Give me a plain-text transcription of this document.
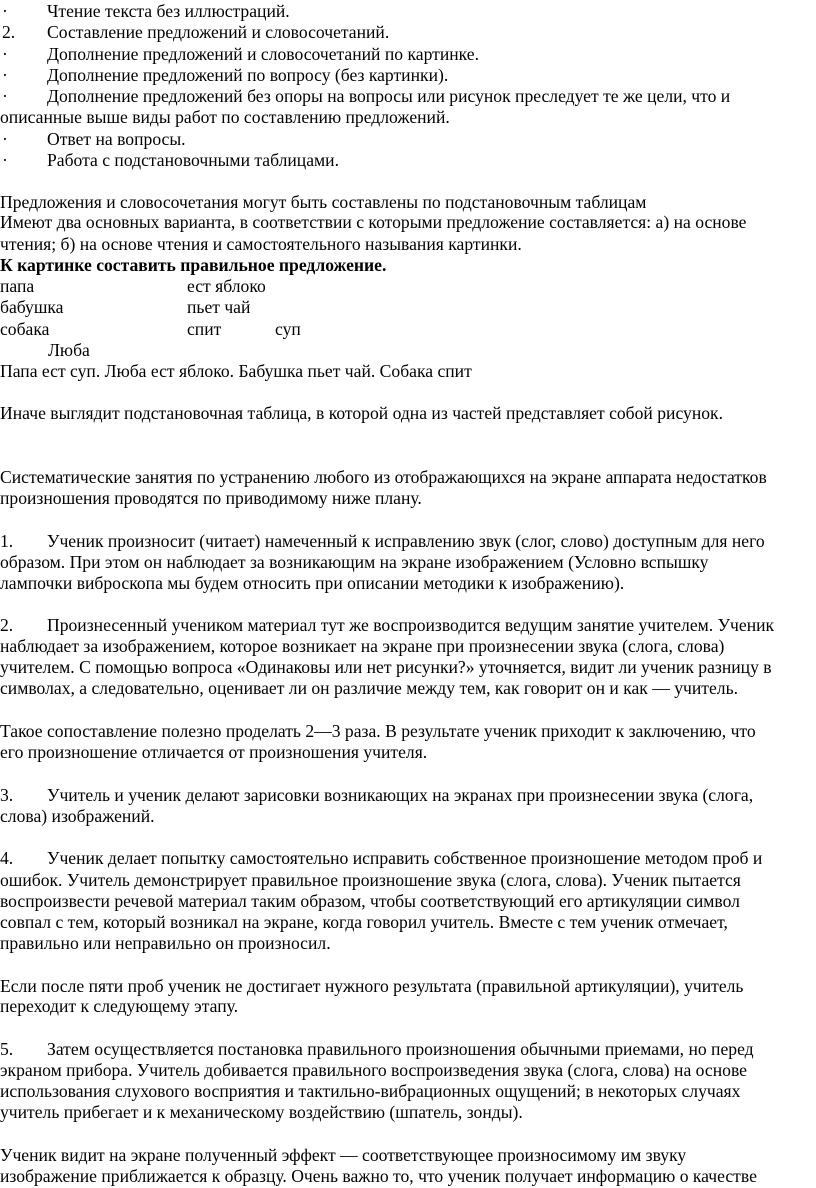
· Чтение текста без иллюстраций.
2. Составление предложений и словосочетаний.
· Дополнение предложений и словосочетаний по картинке.
· Дополнение предложений по вопросу (без картинки).
· Дополнение предложений без опоры на вопросы или рисунок преследует те же цели, что и
описанные выше виды работ по составлению предложений.
· Ответ на вопросы.
· Работа с подстановочными таблицами.
Предложения и словосочетания могут быть составлены по подстановочным таблицам
Имеют два основных варианта, в соответствии с которыми предложение составляется: а) на основе
чтения; б) на основе чтения и самостоятельного называния картинки.
К картинке составить правильное предложение.
папа	ест яблоко
бабушка	пьет чай
собака	спит	суп
Люба
Папа ест суп. Люба ест яблоко. Бабушка пьет чай. Собака спит
Иначе выглядит подстановочная таблица, в которой одна из частей представляет собой рисунок.
Систематические занятия по устранению любого из отображающихся на экране аппарата недостатков
произношения проводятся по приводимому ниже плану.
1. Ученик произносит (читает) намеченный к исправлению звук (слог, слово) доступным для него
образом. При этом он наблюдает за возникающим на экране изображением (Условно вспышку
лампочки виброскопа мы будем относить при описании методики к изображению).
2. Произнесенный учеником материал тут же воспроизводится ведущим занятие учителем. Ученик
наблюдает за изображением, которое возникает на экране при произнесении звука (слога, слова)
учителем. С помощью вопроса «Одинаковы или нет рисунки?» уточняется, видит ли ученик разницу в
символах, а следовательно, оценивает ли он различие между тем, как говорит он и как — учитель.
Такое сопоставление полезно проделать 2—3 раза. В результате ученик приходит к заключению, что
его произношение отличается от произношения учителя.
3. Учитель и ученик делают зарисовки возникающих на экранах при произнесении звука (слога,
слова) изображений.
4. Ученик делает попытку самостоятельно исправить собственное произношение методом проб и
ошибок. Учитель демонстрирует правильное произношение звука (слога, слова). Ученик пытается
воспроизвести речевой материал таким образом, чтобы соответствующий его артикуляции символ
совпал с тем, который возникал на экране, когда говорил учитель. Вместе с тем ученик отмечает,
правильно или неправильно он произносил.
Если после пяти проб ученик не достигает нужного результата (правильной артикуляции), учитель
переходит к следующему этапу.
5. Затем осуществляется постановка правильного произношения обычными приемами, но перед
экраном прибора. Учитель добивается правильного воспроизведения звука (слога, слова) на основе
использования слухового восприятия и тактильно-вибрационных ощущений; в некоторых случаях
учитель прибегает и к механическому воздействию (шпатель, зонды).
Ученик видит на экране полученный эффект — соответствующее произносимому им звуку
изображение приближается к образцу. Очень важно то, что ученик получает информацию о качестве
